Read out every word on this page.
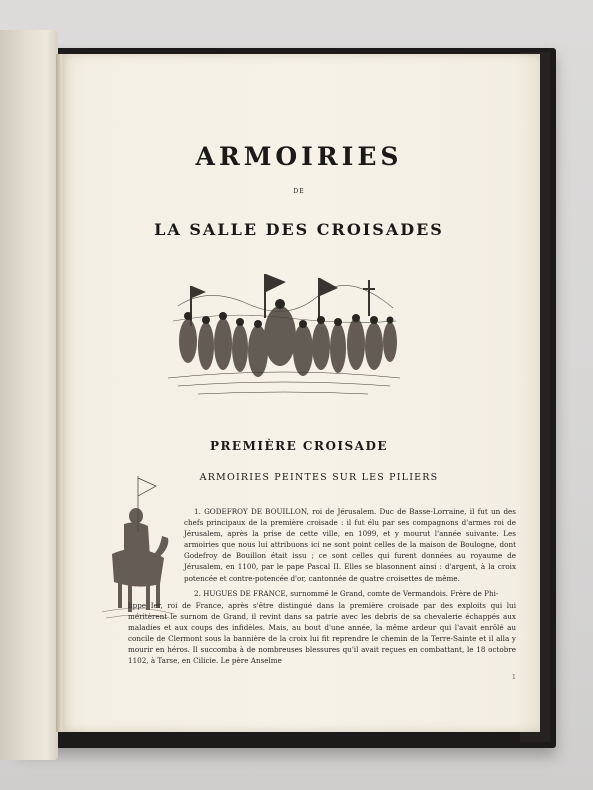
ARMOIRIES
DE
LA SALLE DES CROISADES
PREMIÈRE CROISADE
ARMOIRIES PEINTES SUR LES PILIERS

1. GODEFROY DE BOUILLON, roi de Jérusalem. Duc de Basse-Lorraine, il fut un des chefs principaux de la première croisade : il fut élu par ses compagnons d'armes roi de Jérusalem, après la prise de cette ville, en 1099, et y mourut l'année suivante. Les armoiries que nous lui attribuons ici ne sont point celles de la maison de Boulogne, dont Godefroy de Bouillon était issu ; ce sont celles qui furent données au royaume de Jérusalem, en 1100, par le pape Pascal II. Elles se blasonnent ainsi : d'argent, à la croix potencée et contre-potencée d'or, cantonnée de quatre croisettes de même.

2. HUGUES DE FRANCE, surnommé le Grand, comte de Vermandois. Frère de Phi-

lippe Ier, roi de France, après s'être distingué dans la première croisade par des exploits qui lui méritèrent le surnom de Grand, il revint dans sa patrie avec les debris de sa chevalerie échappés aux maladies et aux coups des infidèles. Mais, au bout d'une année, la même ardeur qui l'avait enrôlé au concile de Clermont sous la bannière de la croix lui fit reprendre le chemin de la Terre-Sainte et il alla y mourir en héros. Il succomba à de nombreuses blessures qu'il avait reçues en combattant, le 18 octobre 1102, à Tarse, en Cilicie. Le père Anselme

1
